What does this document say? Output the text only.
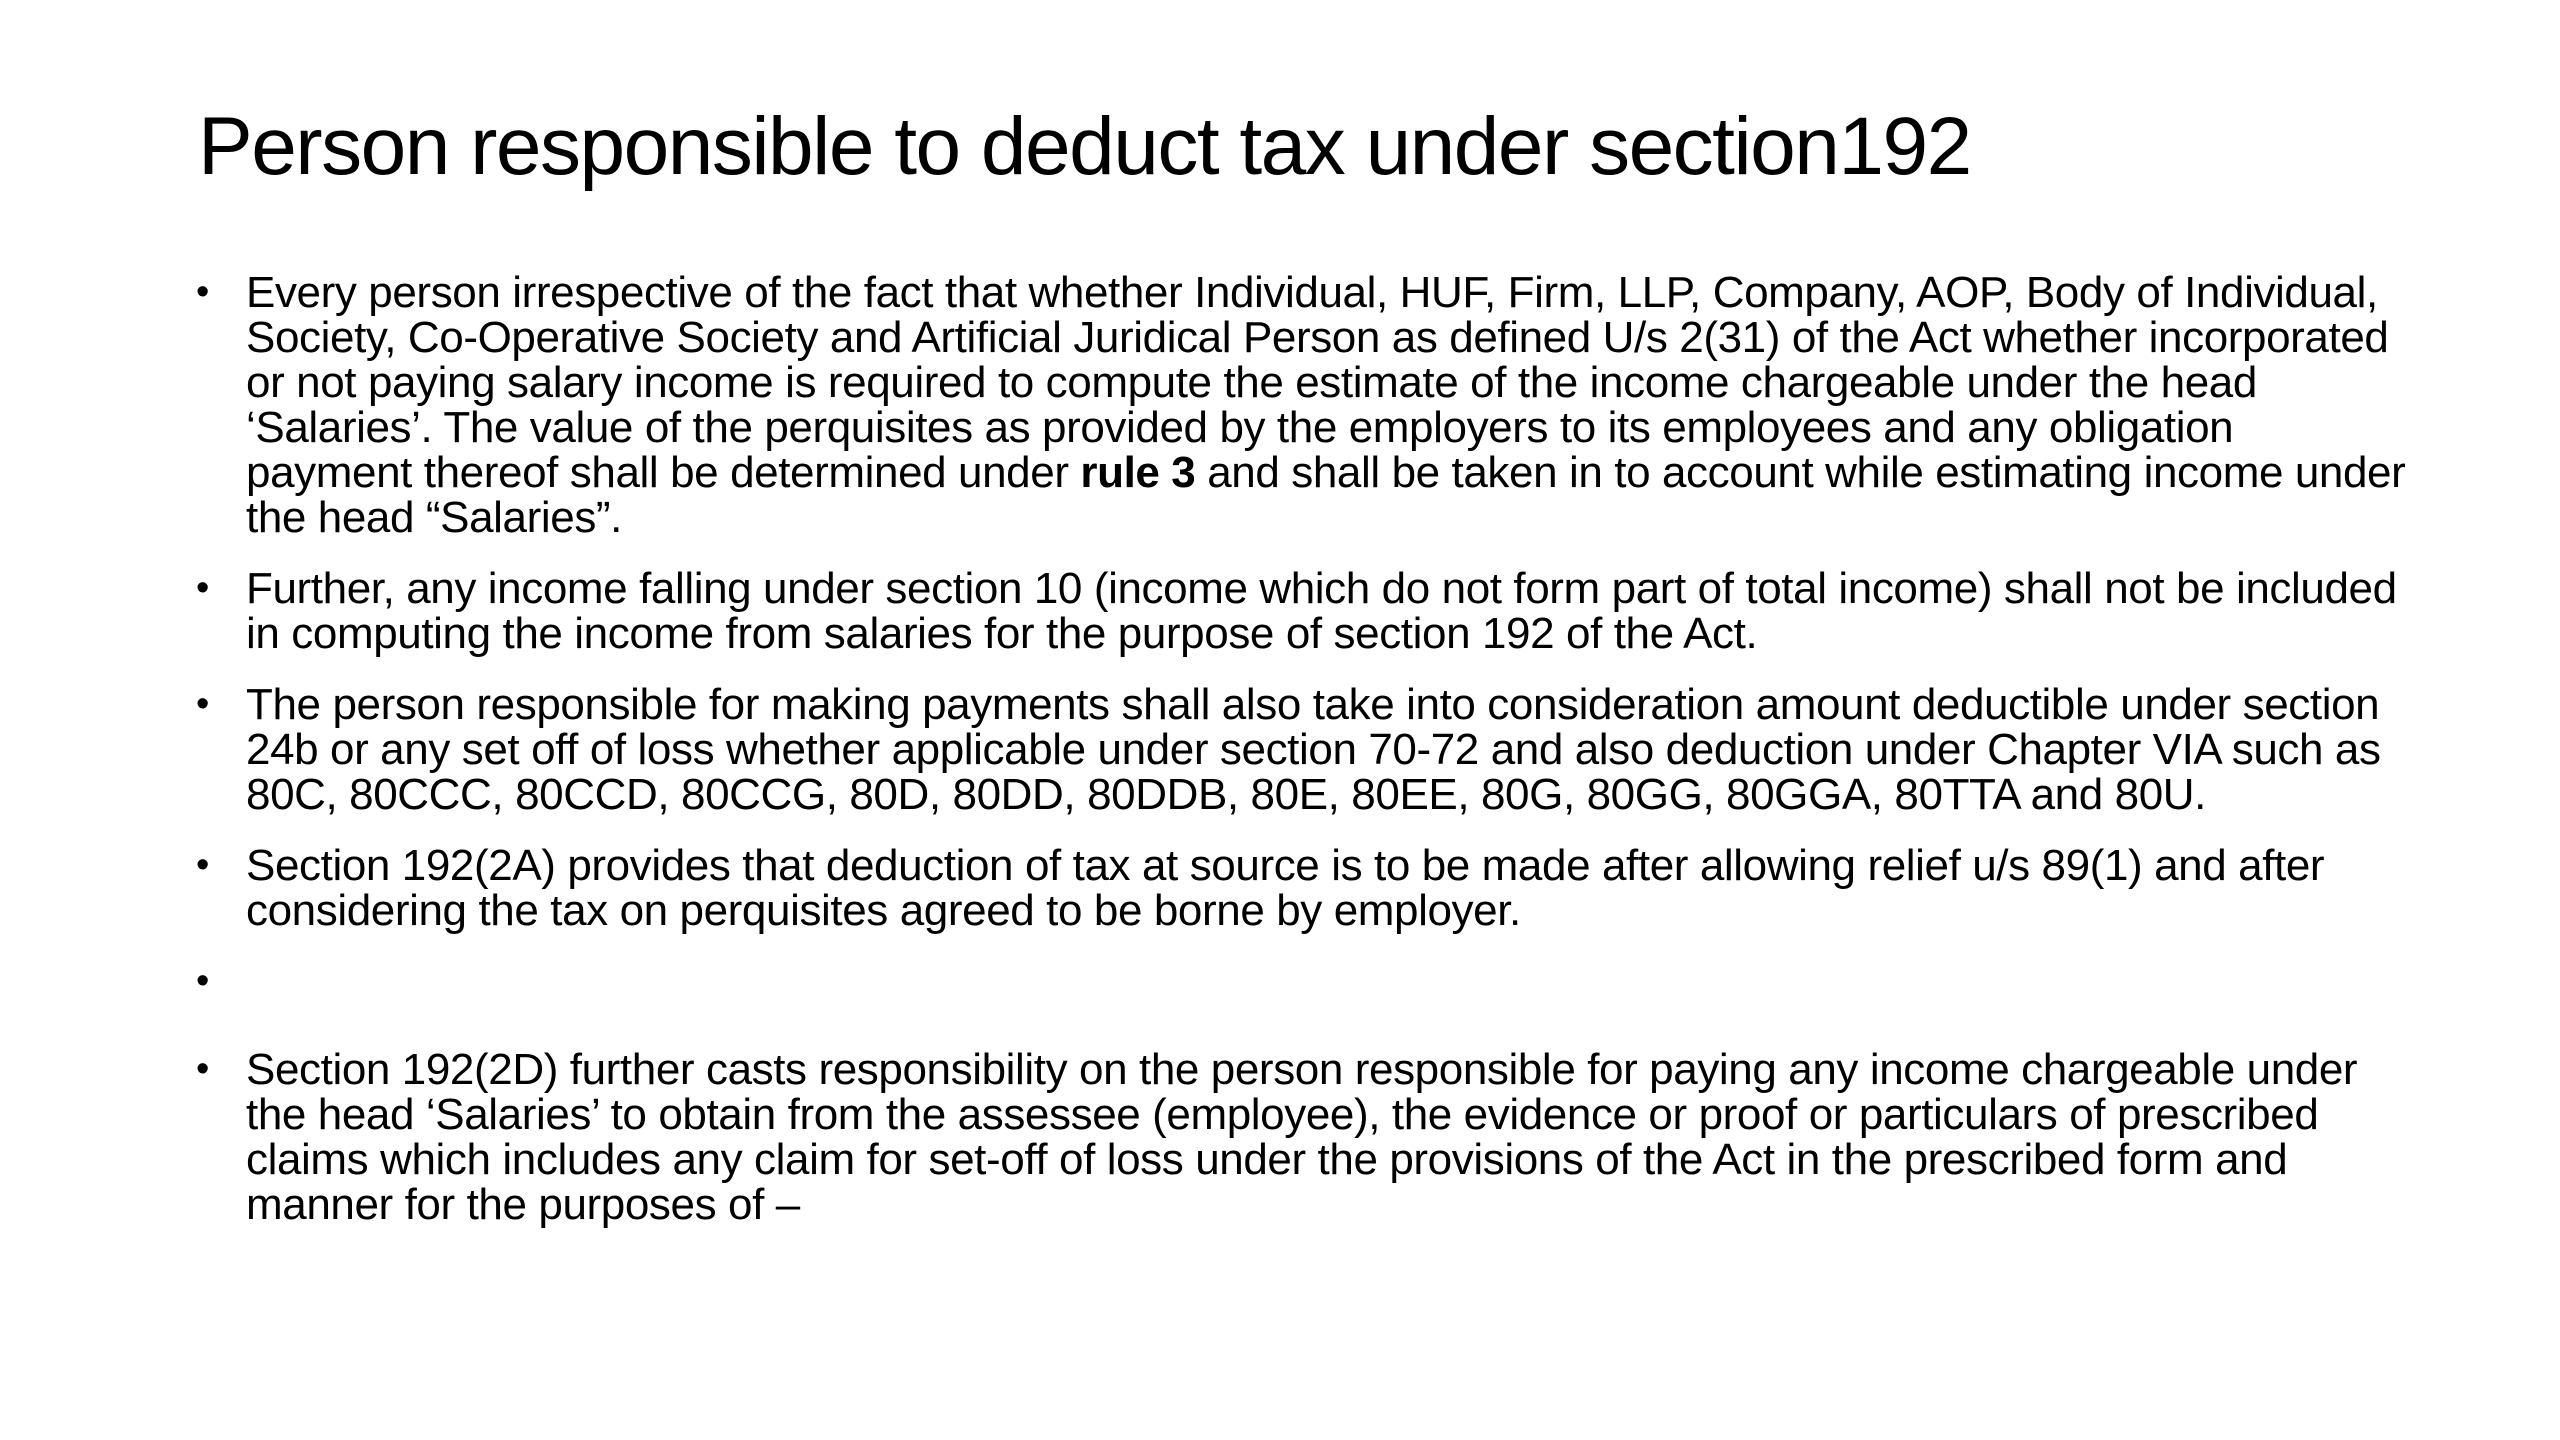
Person responsible to deduct tax under section192
• Every person irrespective of the fact that whether Individual, HUF, Firm, LLP, Company, AOP, Body of Individual, Society, Co-Operative Society and Artificial Juridical Person as defined U/s 2(31) of the Act whether incorporated or not paying salary income is required to compute the estimate of the income chargeable under the head ‘Salaries’. The value of the perquisites as provided by the employers to its employees and any obligation payment thereof shall be determined under rule 3 and shall be taken in to account while estimating income under the head “Salaries”.
• Further, any income falling under section 10 (income which do not form part of total income) shall not be included in computing the income from salaries for the purpose of section 192 of the Act.
• The person responsible for making payments shall also take into consideration amount deductible under section 24b or any set off of loss whether applicable under section 70-72 and also deduction under Chapter VIA such as 80C, 80CCC, 80CCD, 80CCG, 80D, 80DD, 80DDB, 80E, 80EE, 80G, 80GG, 80GGA, 80TTA and 80U.
• Section 192(2A) provides that deduction of tax at source is to be made after allowing relief u/s 89(1) and after considering the tax on perquisites agreed to be borne by employer.
•
• Section 192(2D) further casts responsibility on the person responsible for paying any income chargeable under the head ‘Salaries’ to obtain from the assessee (employee), the evidence or proof or particulars of prescribed claims which includes any claim for set-off of loss under the provisions of the Act in the prescribed form and manner for the purposes of –
